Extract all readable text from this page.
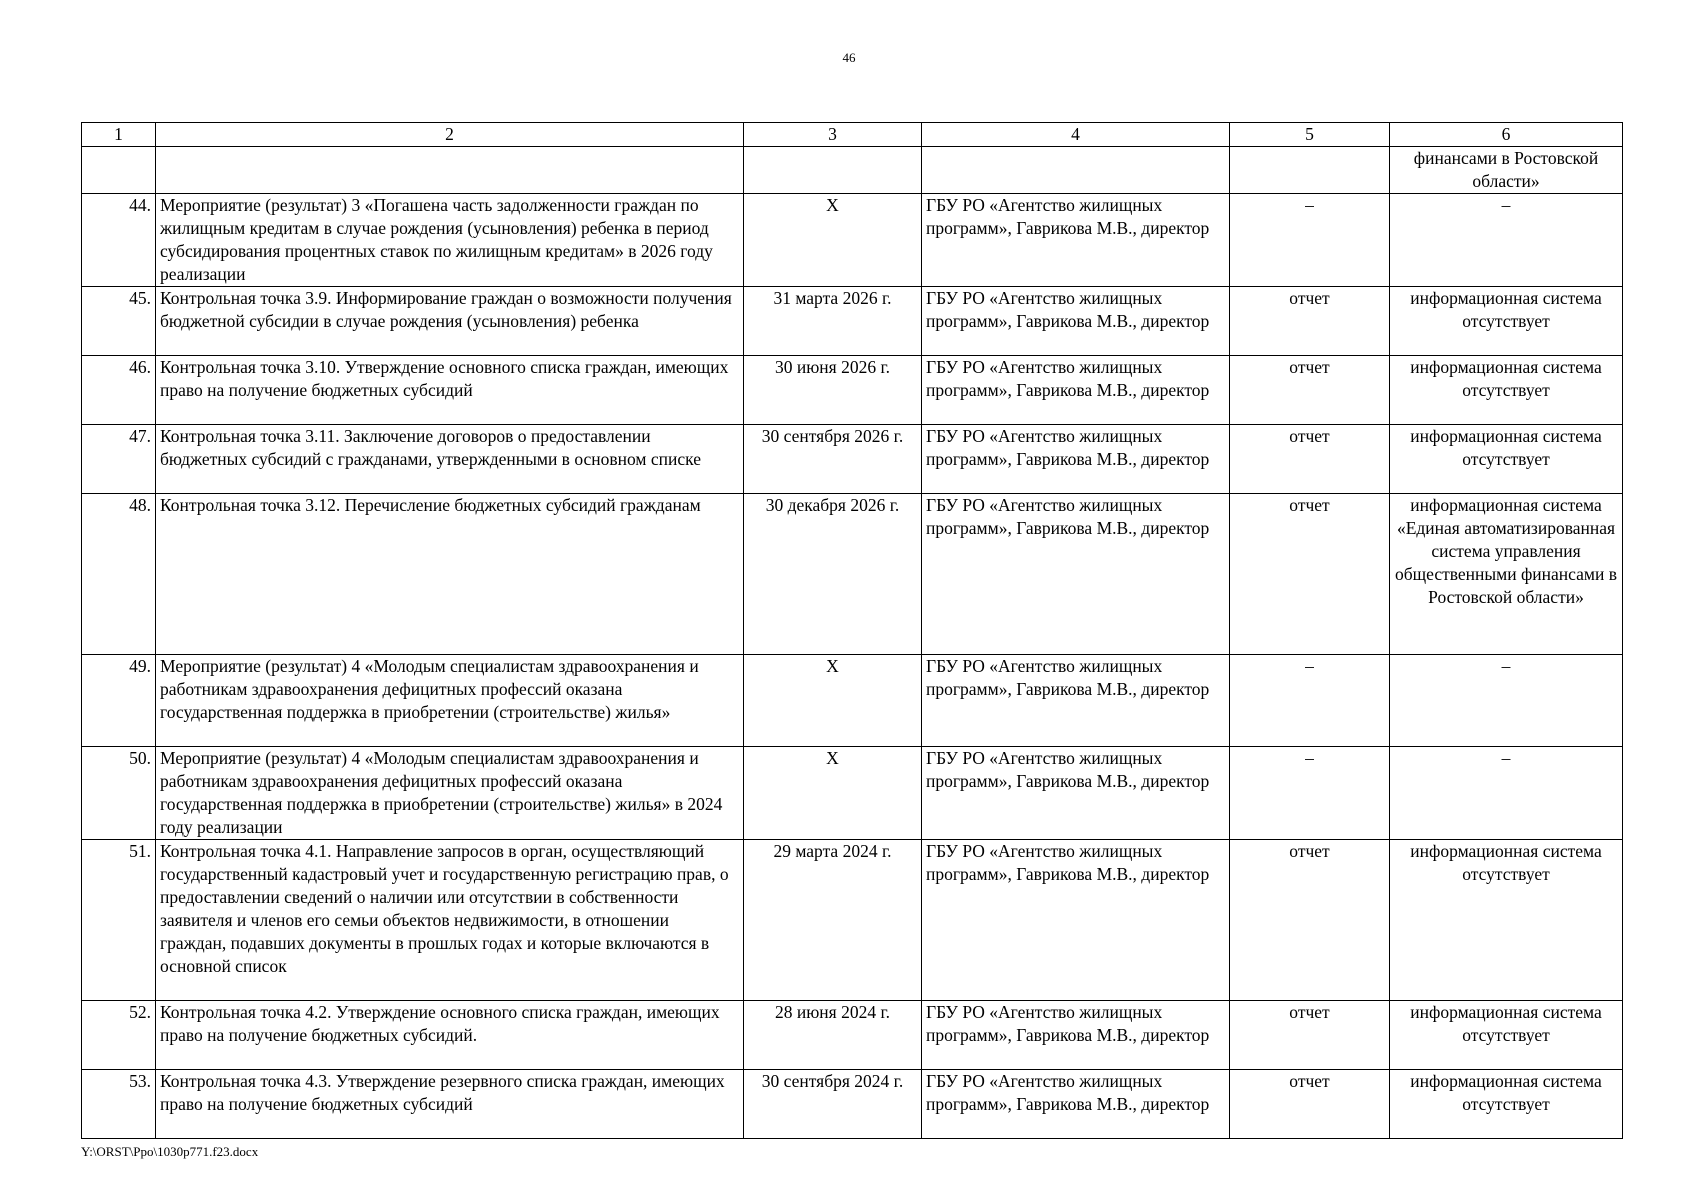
46
1	2	3	4	5	6
					финансами в Ростовской области»
44.	Мероприятие (результат) 3 «Погашена часть задолженности граждан по жилищным кредитам в случае рождения (усыновления) ребенка в период субсидирования процентных ставок по жилищным кредитам» в 2026 году реализации	X	ГБУ РО «Агентство жилищных программ», Гаврикова М.В., директор	–	–
45.	Контрольная точка 3.9. Информирование граждан о возможности получения бюджетной субсидии в случае рождения (усыновления) ребенка	31 марта 2026 г.	ГБУ РО «Агентство жилищных программ», Гаврикова М.В., директор	отчет	информационная система отсутствует
46.	Контрольная точка 3.10. Утверждение основного списка граждан, имеющих право на получение бюджетных субсидий	30 июня 2026 г.	ГБУ РО «Агентство жилищных программ», Гаврикова М.В., директор	отчет	информационная система отсутствует
47.	Контрольная точка 3.11. Заключение договоров о предоставлении бюджетных субсидий с гражданами, утвержденными в основном списке	30 сентября 2026 г.	ГБУ РО «Агентство жилищных программ», Гаврикова М.В., директор	отчет	информационная система отсутствует
48.	Контрольная точка 3.12. Перечисление бюджетных субсидий гражданам	30 декабря 2026 г.	ГБУ РО «Агентство жилищных программ», Гаврикова М.В., директор	отчет	информационная система «Единая автоматизированная система управления общественными финансами в Ростовской области»
49.	Мероприятие (результат) 4 «Молодым специалистам здравоохранения и работникам здравоохранения дефицитных профессий оказана государственная поддержка в приобретении (строительстве) жилья»	X	ГБУ РО «Агентство жилищных программ», Гаврикова М.В., директор	–	–
50.	Мероприятие (результат) 4 «Молодым специалистам здравоохранения и работникам здравоохранения дефицитных профессий оказана государственная поддержка в приобретении (строительстве) жилья» в 2024 году реализации	X	ГБУ РО «Агентство жилищных программ», Гаврикова М.В., директор	–	–
51.	Контрольная точка 4.1. Направление запросов в орган, осуществляющий государственный кадастровый учет и государственную регистрацию прав, о предоставлении сведений о наличии или отсутствии в собственности заявителя и членов его семьи объектов недвижимости, в отношении граждан, подавших документы в прошлых годах и которые включаются в основной список	29 марта 2024 г.	ГБУ РО «Агентство жилищных программ», Гаврикова М.В., директор	отчет	информационная система отсутствует
52.	Контрольная точка 4.2. Утверждение основного списка граждан, имеющих право на получение бюджетных субсидий.	28 июня 2024 г.	ГБУ РО «Агентство жилищных программ», Гаврикова М.В., директор	отчет	информационная система отсутствует
53.	Контрольная точка 4.3. Утверждение резервного списка граждан, имеющих право на получение бюджетных субсидий	30 сентября 2024 г.	ГБУ РО «Агентство жилищных программ», Гаврикова М.В., директор	отчет	информационная система отсутствует
Y:\ORST\Ppo\1030p771.f23.docx
